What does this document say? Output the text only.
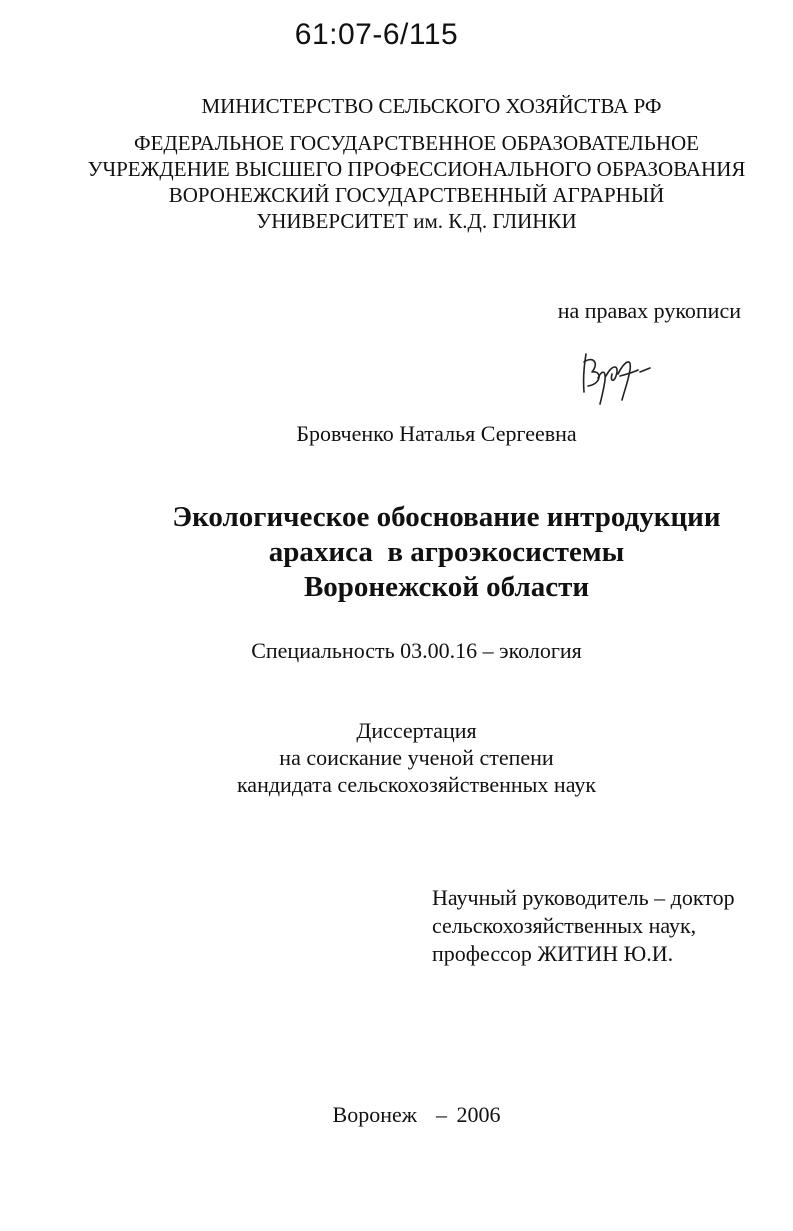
61:07-6/115
МИНИСТЕРСТВО СЕЛЬСКОГО ХОЗЯЙСТВА РФ
ФЕДЕРАЛЬНОЕ ГОСУДАРСТВЕННОЕ ОБРАЗОВАТЕЛЬНОЕ
УЧРЕЖДЕНИЕ ВЫСШЕГО ПРОФЕССИОНАЛЬНОГО ОБРАЗОВАНИЯ
ВОРОНЕЖСКИЙ ГОСУДАРСТВЕННЫЙ АГРАРНЫЙ
УНИВЕРСИТЕТ им. К.Д. ГЛИНКИ
на правах рукописи
Бровченко Наталья Сергеевна
Экологическое обоснование интродукции
арахиса  в агроэкосистемы
Воронежской области
Специальность 03.00.16 – экология
Диссертация
на соискание ученой степени
кандидата сельскохозяйственных наук
Научный руководитель – доктор
сельскохозяйственных наук,
профессор ЖИТИН Ю.И.
Воронеж  – 2006
